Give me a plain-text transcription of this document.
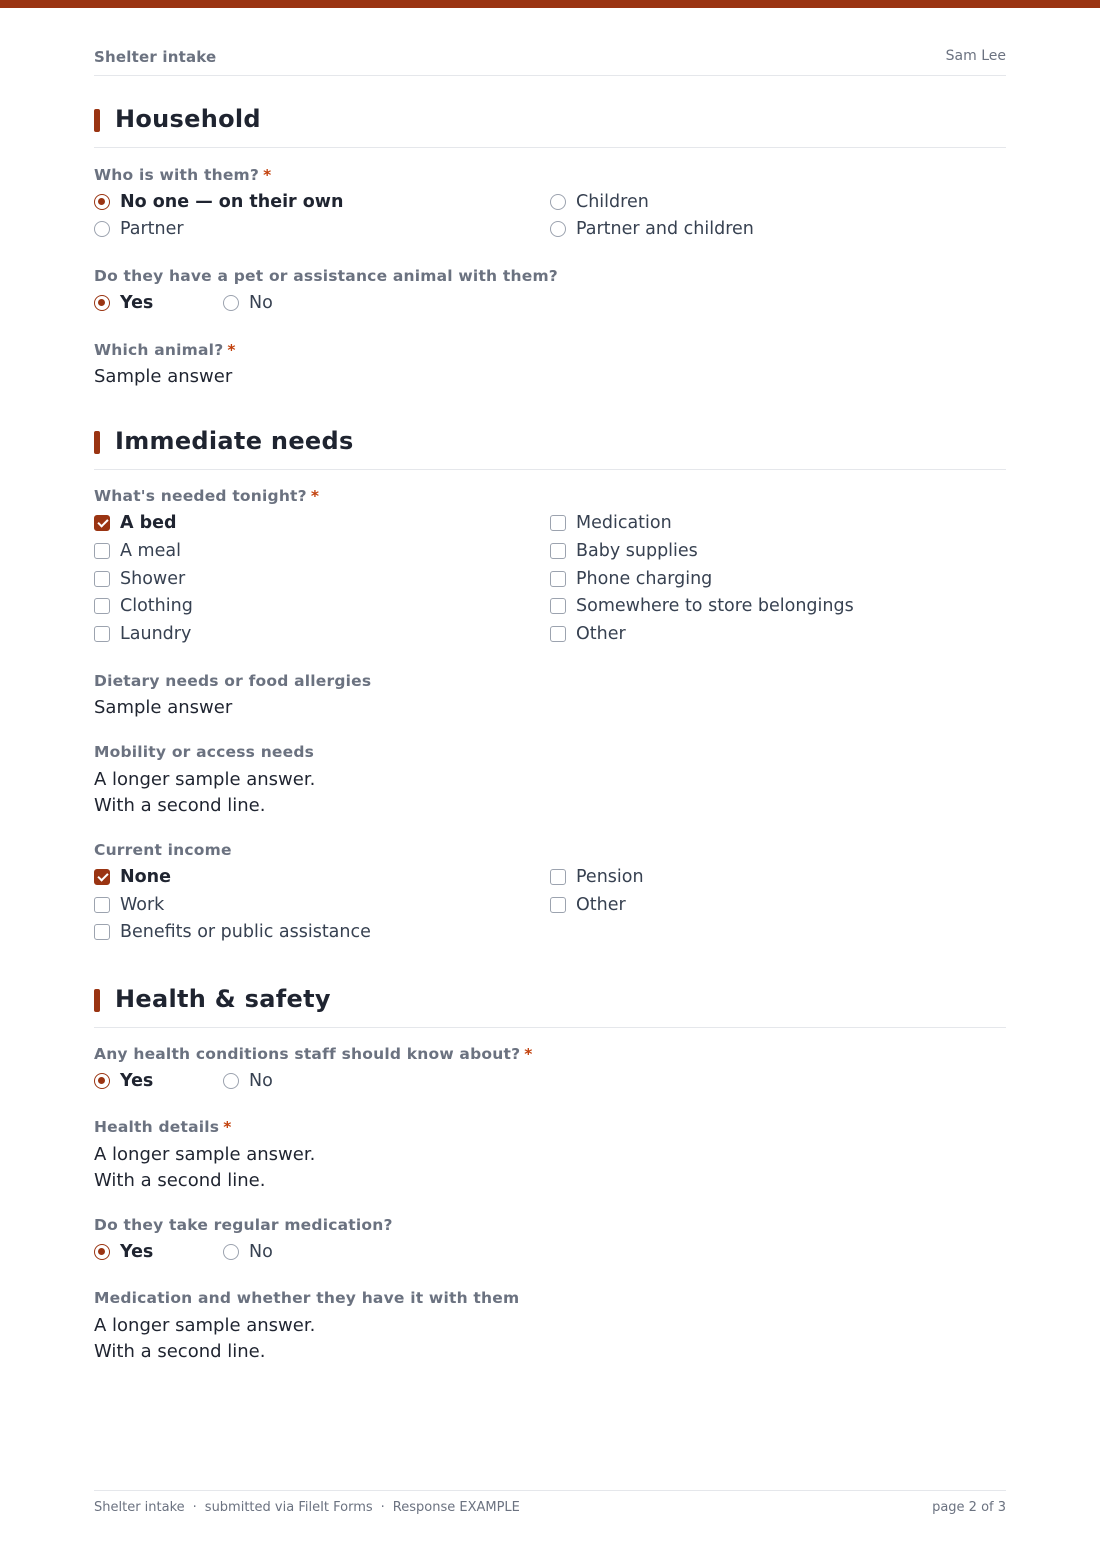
Shelter intake	Sam Lee
Household
Who is with them? *
No one — on their own	Children
Partner	Partner and children
Do they have a pet or assistance animal with them?
Yes	No
Which animal? *
Sample answer
Immediate needs
What's needed tonight? *
A bed	Medication
A meal	Baby supplies
Shower	Phone charging
Clothing	Somewhere to store belongings
Laundry	Other
Dietary needs or food allergies
Sample answer
Mobility or access needs
A longer sample answer.
With a second line.
Current income
None	Pension
Work	Other
Benefits or public assistance
Health & safety
Any health conditions staff should know about? *
Yes	No
Health details *
A longer sample answer.
With a second line.
Do they take regular medication?
Yes	No
Medication and whether they have it with them
A longer sample answer.
With a second line.
Shelter intake · submitted via FileIt Forms · Response EXAMPLE	page 2 of 3
